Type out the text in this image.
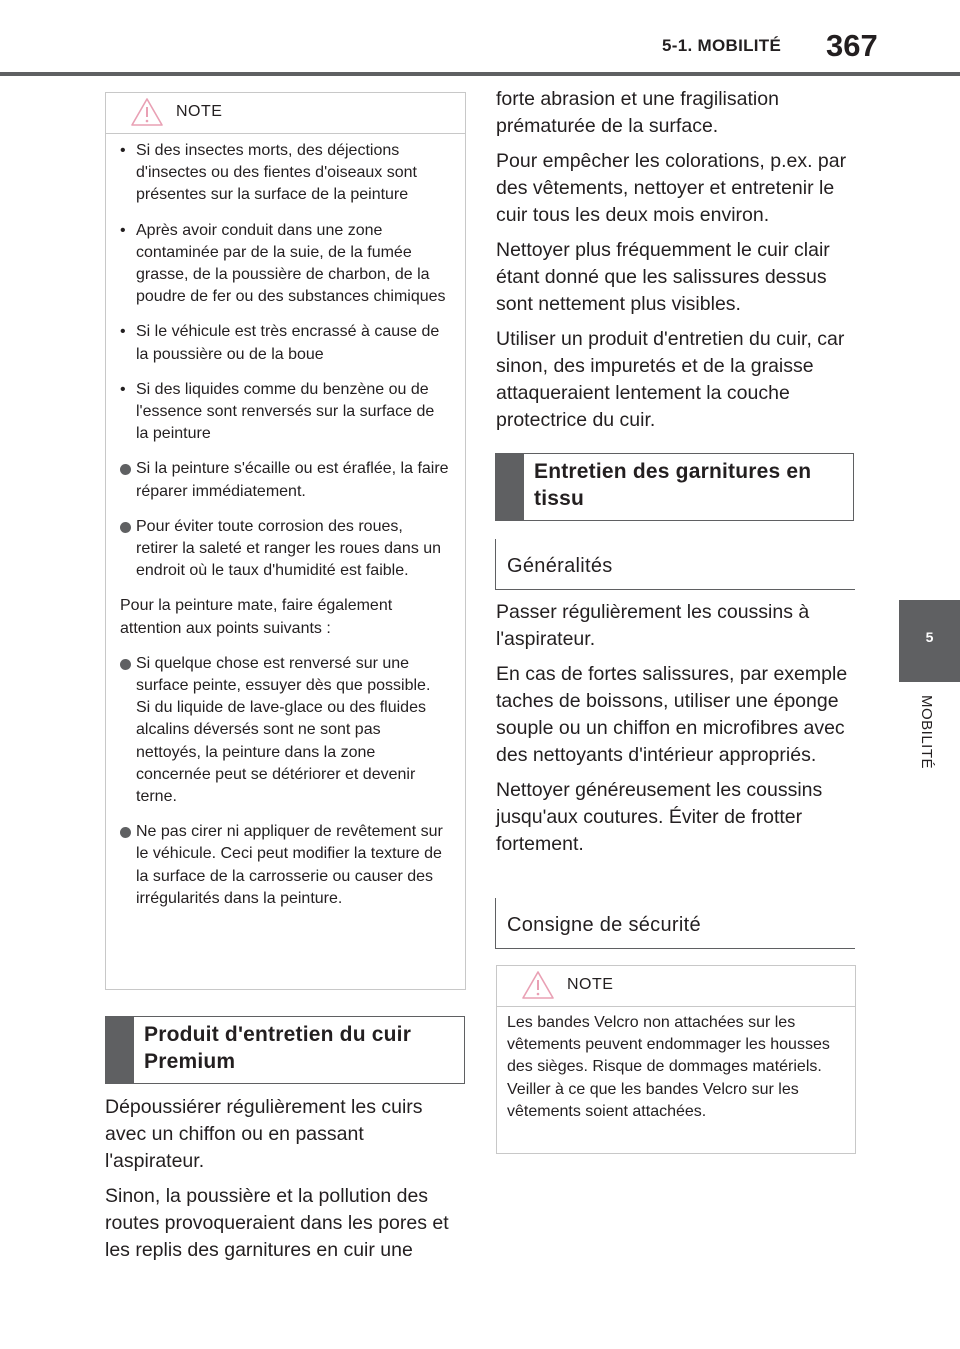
5-1. MOBILITÉ 367
5
MOBILITÉ
NOTE
• Si des insectes morts, des déjections d'insectes ou des fientes d'oiseaux sont présentes sur la surface de la peinture
• Après avoir conduit dans une zone contaminée par de la suie, de la fumée grasse, de la poussière de charbon, de la poudre de fer ou des substances chimiques
• Si le véhicule est très encrassé à cause de la poussière ou de la boue
• Si des liquides comme du benzène ou de l'essence sont renversés sur la surface de la peinture
Si la peinture s'écaille ou est éraflée, la faire réparer immédiatement.
Pour éviter toute corrosion des roues, retirer la saleté et ranger les roues dans un endroit où le taux d'humidité est faible.
Pour la peinture mate, faire également attention aux points suivants :
Si quelque chose est renversé sur une surface peinte, essuyer dès que possible. Si du liquide de lave-glace ou des fluides alcalins déversés sont ne sont pas nettoyés, la peinture dans la zone concernée peut se détériorer et devenir terne.
Ne pas cirer ni appliquer de revêtement sur le véhicule. Ceci peut modifier la texture de la surface de la carrosserie ou causer des irrégularités dans la peinture.
Produit d'entretien du cuir Premium

Dépoussiérer régulièrement les cuirs avec un chiffon ou en passant l'aspirateur.

Sinon, la poussière et la pollution des routes provoqueraient dans les pores et les replis des garnitures en cuir une

forte abrasion et une fragilisation prématurée de la surface.

Pour empêcher les colorations, p.ex. par des vêtements, nettoyer et entretenir le cuir tous les deux mois environ.

Nettoyer plus fréquemment le cuir clair étant donné que les salissures dessus sont nettement plus visibles.

Utiliser un produit d'entretien du cuir, car sinon, des impuretés et de la graisse attaqueraient lentement la couche protectrice du cuir.

Entretien des garnitures en tissu
Généralités

Passer régulièrement les coussins à l'aspirateur.

En cas de fortes salissures, par exemple taches de boissons, utiliser une éponge souple ou un chiffon en microfibres avec des nettoyants d'intérieur appropriés.

Nettoyer généreusement les coussins jusqu'aux coutures. Éviter de frotter fortement.

Consigne de sécurité
NOTE
Les bandes Velcro non attachées sur les vêtements peuvent endommager les housses des sièges. Risque de dommages matériels. Veiller à ce que les bandes Velcro sur les vêtements soient attachées.
